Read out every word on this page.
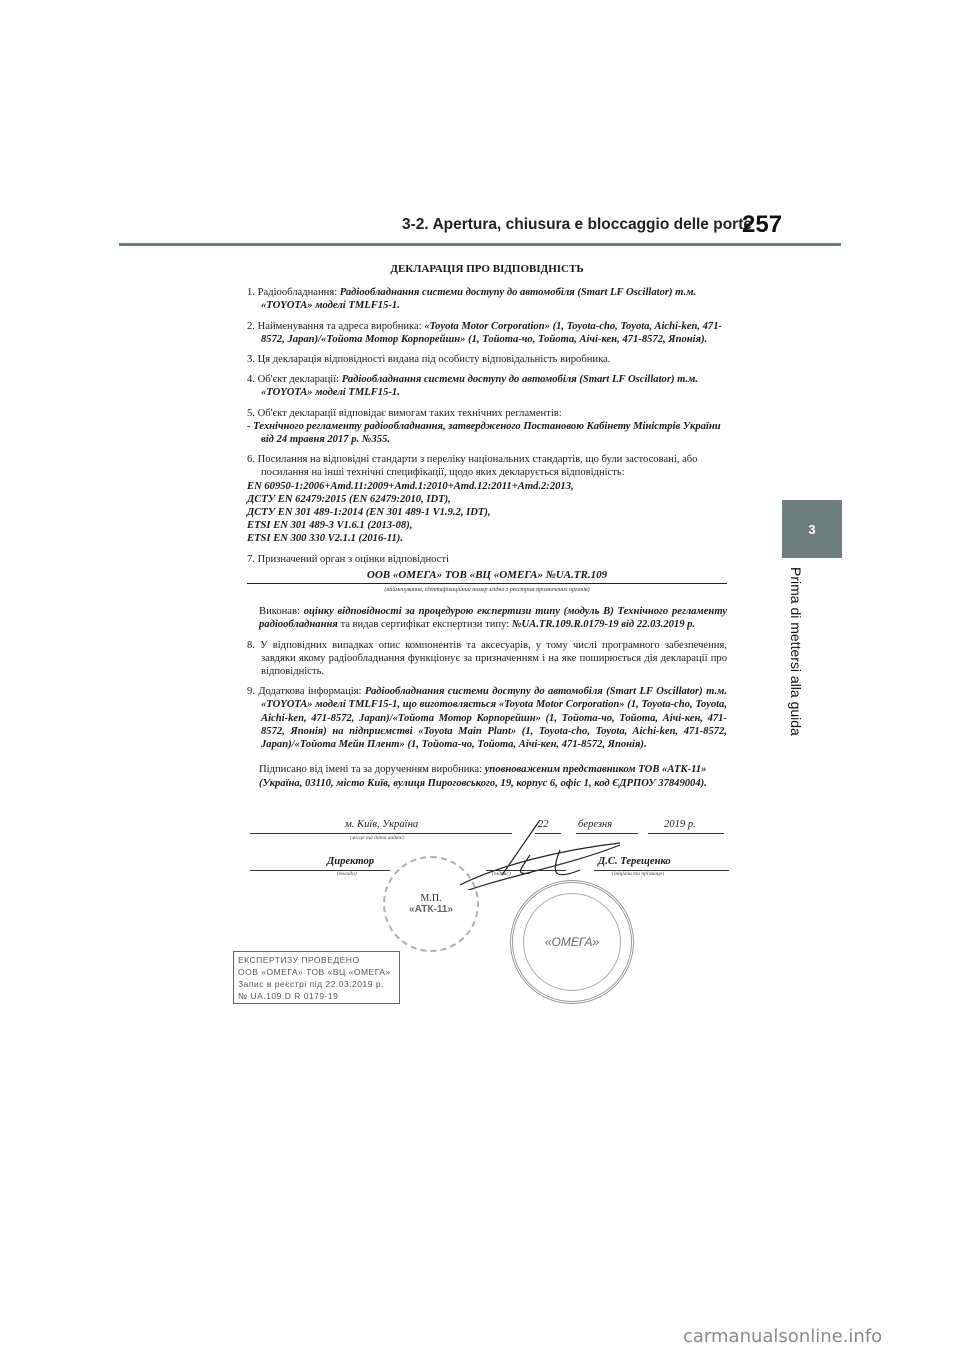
3-2. Apertura, chiusura e bloccaggio delle porte
257
3
Prima di mettersi alla guida
ДЕКЛАРАЦІЯ ПРО ВІДПОВІДНІСТЬ
1. Радіообладнання: Радіообладнання системи доступу до автомобіля (Smart LF Oscillator) т.м. «TOYOTA» моделі TMLF15-1.
2. Найменування та адреса виробника: «Toyota Motor Corporation» (1, Toyota-cho, Toyota, Aichi-ken, 471-8572, Japan)/«Тойота Мотор Корпорейшн» (1, Тойота-чо, Тойота, Аічі-кен, 471-8572, Японія).
3. Ця декларація відповідності видана під особисту відповідальність виробника.
4. Об'єкт декларації: Радіообладнання системи доступу до автомобіля (Smart LF Oscillator) т.м. «TOYOTA» моделі TMLF15-1.
5. Об'єкт декларації відповідає вимогам таких технічних регламентів:
- Технічного регламенту радіообладнання, затвердженого Постановою Кабінету Міністрів України від 24 травня 2017 р. №355.
6. Посилання на відповідні стандарти з переліку національних стандартів, що були застосовані, або посилання на інші технічні специфікації, щодо яких декларується відповідність:
EN 60950-1:2006+Amd.11:2009+Amd.1:2010+Amd.12:2011+Amd.2:2013,
ДСТУ EN 62479:2015 (EN 62479:2010, IDT),
ДСТУ EN 301 489-1:2014 (EN 301 489-1 V1.9.2, IDT),
ETSI EN 301 489-3 V1.6.1 (2013-08),
ETSI EN 300 330 V2.1.1 (2016-11).
7. Призначений орган з оцінки відповідності
ООВ «ОМЕГА» ТОВ «ВЦ «ОМЕГА» №UA.TR.109
(найменування, ідентифікаційний номер згідно з реєстром призначених органів)
Виконав: оцінку відповідності за процедурою експертизи типу (модуль B) Технічного регламенту радіообладнання та видав сертифікат експертизи типу: №UA.TR.109.R.0179-19 від 22.03.2019 р.
8. У відповідних випадках опис компонентів та аксесуарів, у тому числі програмного забезпечення, завдяки якому радіообладнання функціонує за призначенням і на яке поширюється дія декларації про відповідність.
9. Додаткова інформація: Радіообладнання системи доступу до автомобіля (Smart LF Oscillator) т.м. «TOYOTA» моделі TMLF15-1, що виготовляється «Toyota Motor Corporation» (1, Toyota-cho, Toyota, Aichi-ken, 471-8572, Japan)/«Тойота Мотор Корпорейшн» (1, Тойота-чо, Тойота, Аічі-кен, 471-8572, Японія) на підприємстві «Toyota Main Plant» (1, Toyota-cho, Toyota, Aichi-ken, 471-8572, Japan)/«Тойота Мейн Плент» (1, Тойота-чо, Тойота, Аічі-кен, 471-8572, Японія).
Підписано від імені та за дорученням виробника: уповноваженим представником ТОВ «АТК-11» (Україна, 03110, місто Київ, вулиця Пироговського, 19, корпус 6, офіс 1, код ЄДРПОУ 37849004).
м. Київ, Україна
(місце та дата видачі)
22	березня	2019 р.
Директор
(посада)	(підпис)
Д.С. Терещенко
(ініціали та прізвище)
М.П.
«АТК-11»
«ОМЕГА»
ЕКСПЕРТИЗУ ПРОВЕДЕНО
ООВ «ОМЕГА» ТОВ «ВЦ «ОМЕГА»
Запис в реєстрі під 22.03.2019 р.
№ UA.109.D R 0179-19
carmanualsonline.info
